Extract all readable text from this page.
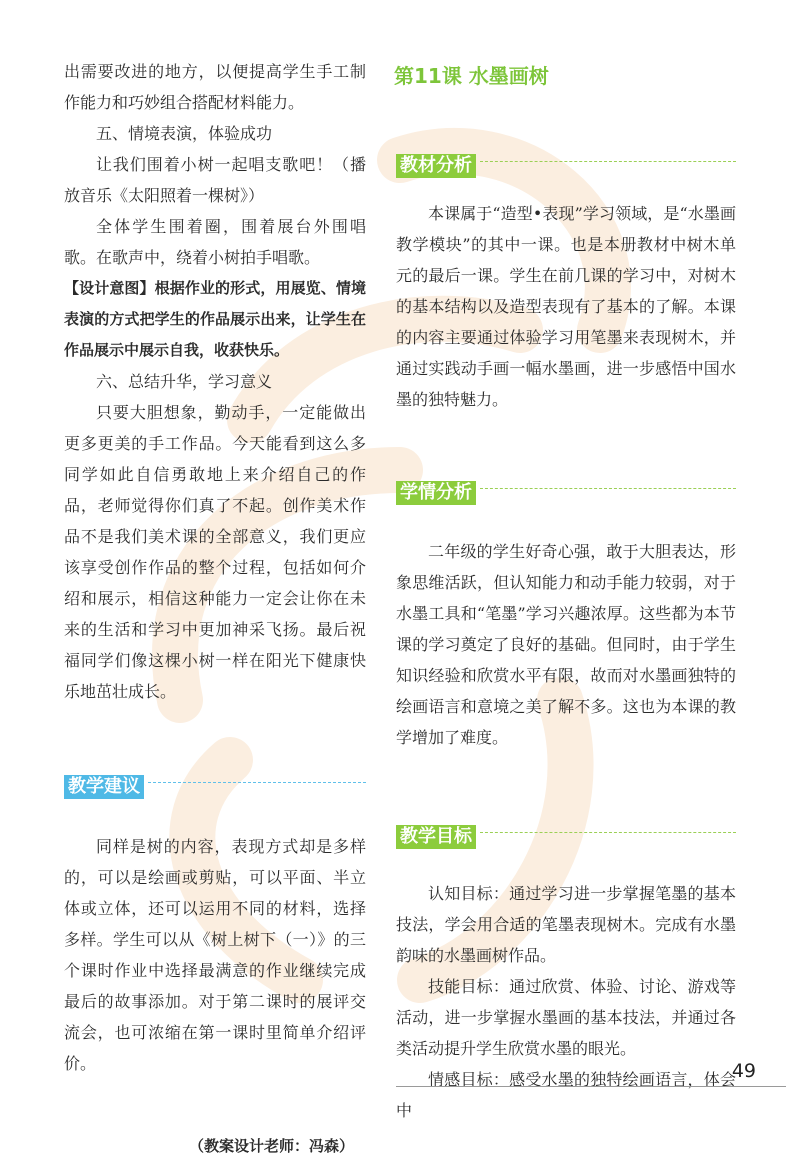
出需要改进的地方，以便提高学生手工制作能力和巧妙组合搭配材料能力。

五、情境表演，体验成功

让我们围着小树一起唱支歌吧！（播放音乐《太阳照着一棵树》）

全体学生围着圈，围着展台外围唱歌。在歌声中，绕着小树拍手唱歌。

【设计意图】根据作业的形式，用展览、情境表演的方式把学生的作品展示出来，让学生在作品展示中展示自我，收获快乐。

六、总结升华，学习意义

只要大胆想象，勤动手，一定能做出更多更美的手工作品。今天能看到这么多同学如此自信勇敢地上来介绍自己的作品，老师觉得你们真了不起。创作美术作品不是我们美术课的全部意义，我们更应该享受创作作品的整个过程，包括如何介绍和展示，相信这种能力一定会让你在未来的生活和学习中更加神采飞扬。最后祝福同学们像这棵小树一样在阳光下健康快乐地茁壮成长。

教学建议

同样是树的内容，表现方式却是多样的，可以是绘画或剪贴，可以平面、半立体或立体，还可以运用不同的材料，选择多样。学生可以从《树上树下（一）》的三个课时作业中选择最满意的作业继续完成最后的故事添加。对于第二课时的展评交流会，也可浓缩在第一课时里简单介绍评价。

（教案设计老师：冯森）

第11课 水墨画树
教材分析

本课属于“造型•表现”学习领域，是“水墨画教学模块”的其中一课。也是本册教材中树木单元的最后一课。学生在前几课的学习中，对树木的基本结构以及造型表现有了基本的了解。本课的内容主要通过体验学习用笔墨来表现树木，并通过实践动手画一幅水墨画，进一步感悟中国水墨的独特魅力。

学情分析

二年级的学生好奇心强，敢于大胆表达，形象思维活跃，但认知能力和动手能力较弱，对于水墨工具和“笔墨”学习兴趣浓厚。这些都为本节课的学习奠定了良好的基础。但同时，由于学生知识经验和欣赏水平有限，故而对水墨画独特的绘画语言和意境之美了解不多。这也为本课的教学增加了难度。

教学目标

认知目标：通过学习进一步掌握笔墨的基本技法，学会用合适的笔墨表现树木。完成有水墨韵味的水墨画树作品。

技能目标：通过欣赏、体验、讨论、游戏等活动，进一步掌握水墨画的基本技法，并通过各类活动提升学生欣赏水墨的眼光。

情感目标：感受水墨的独特绘画语言，体会中

49
